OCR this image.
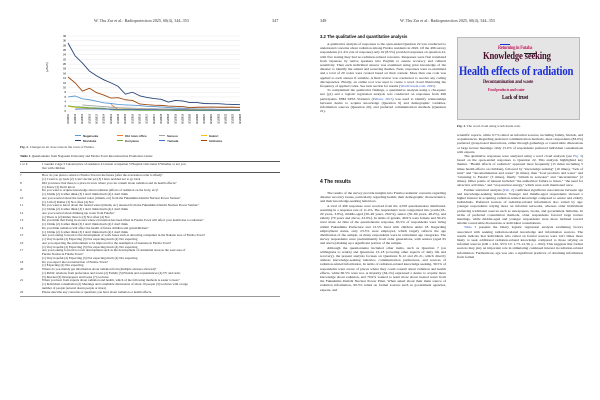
W. Thu Zar et al.: Radioprotection 2025, 60(4), 344–353	347
0
2
4
6
8
10
12
14
16
18
20
22
24
26
28
30
32
9/1/2011 3/1/2012 9/1/2012 3/1/2013 9/1/2013 3/1/2014 9/1/2014 3/1/2015 9/1/2015 3/1/2016 9/1/2016 3/1/2017 9/1/2017 3/1/2018 9/1/2018 3/1/2019 9/1/2019 3/1/2020 9/1/2020 3/1/2021 9/1/2021 3/1/2022 9/1/2022 3/1/2023 9/1/2023
(μSv/h)
Nagatsuka	Old town office	Sansou	Hakori
Moriduke	Koriyama	Yamada	Ishikuma
Fig. 2. Changes in air dose rates in the town of Futaba.
Table 1. Questionnaire from Nagasaki University and Futaba Town Reconstruction Promotion Center.
1 to 6	1 Gender 2 Age 3 Current place of residence 4 Current occupation 5 Hospital visit status 6 Whether or not you
live with children
7	How do you plan to return to Futaba Town in the future (after the evacuation order is lifted)?
(1) I want to go back (2) I can't decide yet (3) I have decided not to go back
8	Did you know that there is a place in town where you can consult about radiation and its health effects?
(1) Know (2) Don't know
9	Do you want to acquire knowledge about radiation (effects of radiation on the body, etc)?
(1) I think (2) I rather think (3) I don't think much (4) I don't think
10	Are you worried about the treated water (tritium, etc) from the Fukushima Daiichi Nuclear Power Station?
(1) I am 2) Rather (3) Not often (4) Not
11	Do you want to know about the treated water (tritium, etc) released from the Fukushima Daiichi Nuclear Power Station?
(1) I think (2) I rather think (3) I don't think much (4) I don't think
12	Are you worried about drinking tap water from Futaba?
(1) There is (2) Rather there is (3) Not often (4) Not
13	Do you think that living in an area where evacuation has been lifted in Futaba Town will affect your health due to radiation?
(1) I think (2) I rather think (3) I don't think much (4) I don't think
14	Do you think radiation will affect the health of future children and grandchildren?
(1) I think (2) I rather think (3) I don't think much (4) I don't think
15	Are you looking forward to the development of work bases such as attracting companies in the Nakano area of Futaba Town?
(1) Very hopeful (2) Expecting (3) Not expecting much (4) Not expecting
16	Are you expecting the environment to be improved for the resumption of business in Futaba Town?
(1) Very hopeful (2) Expecting (3) Not expecting much (4) Not expecting
17	Are you looking forward to town development such as the development of residential areas in the west area of
Futaba Station in Futaba Town?
(1) Very hopeful (2) Expecting (3) Not expecting much (4) Not expecting
18	Do you expect the reconstruction of Futaba Town?
(1) Expecting (2) Not expecting
20	Where do you mainly get information about radiation from (multiple answers allowed)?
(1) Public relations from prefectures and towns (2) Family (3) Friends and acquaintances (4) TV and radio
(5) Internet (6) Newspapers and books (7) Lectures
21	When you hear from experts about radiation and health, which of the following methods is easier to hear?
(1) Individual consultation (2) Meetings and roundtable discussions of about 10 people (3) Lectures with a large
number of people (several dozen people or more)
22	Please describe any concerns or questions you have about radiation or health effects.
348	W. Thu Zar et al.: Radioprotection 2025, 60(4), 344–353
3.2 The qualitative and quantitative analysis

A qualitative analysis of responses to the open-ended Question 22 was conducted to understand concerns about radiation among Futaba residents in 2022. Of the 496 survey respondents (11.4% rate of response) only 42 (8.5%) provided responses on question 22, with five stating they had no radiation-related concerns. Responses were first translated from Japanese by native speakers into English to ensure accuracy and cultural sensitivity. Then each individual answer was examined using prior knowledge of the disaster to identify the salient and recurring themes. Next, responses were re-examined and a total of 20 codes were created based on their content. More than one code was applied to each answer if suitable. A final review was conducted to resolve any coding discrepancies. Finally, an online tool was used to create a word cloud illustrating the frequency of applied codes. See next section for results (WordClouds.com, 2025)

To complement the qualitative findings, a quantitative analysis using a chi-square test (χ2) and a logistic regression analysis was conducted on responses from 496 participants. IBM SPSS Statistics (Pallant, 2015) was used to identify relationships between desire to acquire knowledge (Question 9) and demographic variables, information sources (Question 20), and preferred communication methods (Question 21).

4 The results

The results of the survey provide insights into Futaba residents' concerns regarding disaster recovery issues, particularly regarding health, their demographic characteristics, and their knowledge-seeking behaviors.

A total of 496 responses were received from the 4,358 questionnaires distributed, resulting in a response rate of 11.4%. The respondents were categorized into youth (18–29 years, 3.8%), middle-aged (30–49 years, 26.0%), senior (50–69 years, 48.2%), and elderly (70 years and above, 22.0%). In terms of gender, 49.6% were female and 50.4% were male. At time of the questionnaire response, 65.5% of respondents were living within Fukushima Prefecture and 13.5% lived with children under 18. Regarding employment status, only 23.3% were employed, which largely reflects the age distribution of the sample, as many respondents were in retirement age categories. The survey respondents were predominantly from older generations, with seniors (aged 65 and above) making up a significant portion of the sample.

Although the questionnaire included other items, such as Question 7 (on willingness to return) and Questions 13–18 (covering other aspects of daily life and recovery), the present analysis focuses on Questions 8–12 and 20–21, which directly address knowledge-seeking behavior, communication preferences, and sources of radiation-related information. In terms of radiation-related knowledge seeking, 39.5% of respondents were aware of places where they could consult about radiation and health effects, while 60.5% were not. A majority (64.1%) expressed a desire to acquire more knowledge about radiation, and 70.9% wanted to learn more about treated water from the Fukushima Daiichi Nuclear Power Plant. When asked about their main source of radiation information, 90.3% relied on formal sources such as government agencies, experts, and

Returning in Futaba
Knowledge seeking
Health effects of radiation
Decontamination and waste
Food products and water
Lack of trust
Fig. 3. The word cloud using wordclouds.com.

scientific reports, while 9.7% relied on informal sources, including family, friends, and acquaintances. Regarding preferred communication methods, most respondents (83.0%) preferred group-based interactions, either through gatherings or round-table discussions or large lecture meetings. Only 15.0% of respondents preferred individual consultations with experts.

The qualitative responses were analyzed using a word cloud analysis (see Fig. 3) based on the open-ended responses to Question 22. This analysis highlighted key themes. "Health effects of radiation" appeared most frequently (15 times including 5 times health effects on children), followed by "knowledge seeking" (10 times), "lack of trust" and "decontamination and waste" (6 times), then "food products and water" and "returning to Futaba" (3 times), finally "tritium in seawater" and "uncertainties" (2 times). Other points of interest included "the authorities' failure to listen," "the need for attractive activities," and "stop nuclear energy," which were each mentioned once.

Further statistical analysis (Tab. 2) confirmed significant associations between age and knowledge-seeking behavior. Younger and middle-aged respondents showed a higher interest in acquiring radiation-related knowledge compared to senior and elderly individuals. Preferred sources of radiation-related information also varied by age: younger respondents relying more on informal networks, whereas older individuals preferring traditional sources such as newspapers, books, and government bulletins. In terms of preferred consultation methods, older respondents favored large lecture meetings, while middle-aged and younger respondents were more inclined toward smaller round-table discussions or individual consultations.

Table 3 presents the binary logistic regression analysis examining factors associated with seeking radiation-related knowledge and information sources. The results indicate that individuals who relied on formal sources were 4.61 times more likely to seek additional radiation-related knowledge compared to those relying on informal sources (OR = 4.61, 95% CI: 1.73–12.30, p = .002). This suggests that formal sources may play an important role in stimulating continued interest in radiation-related information. Furthermore, age was also a significant predictor of obtaining information from formal
